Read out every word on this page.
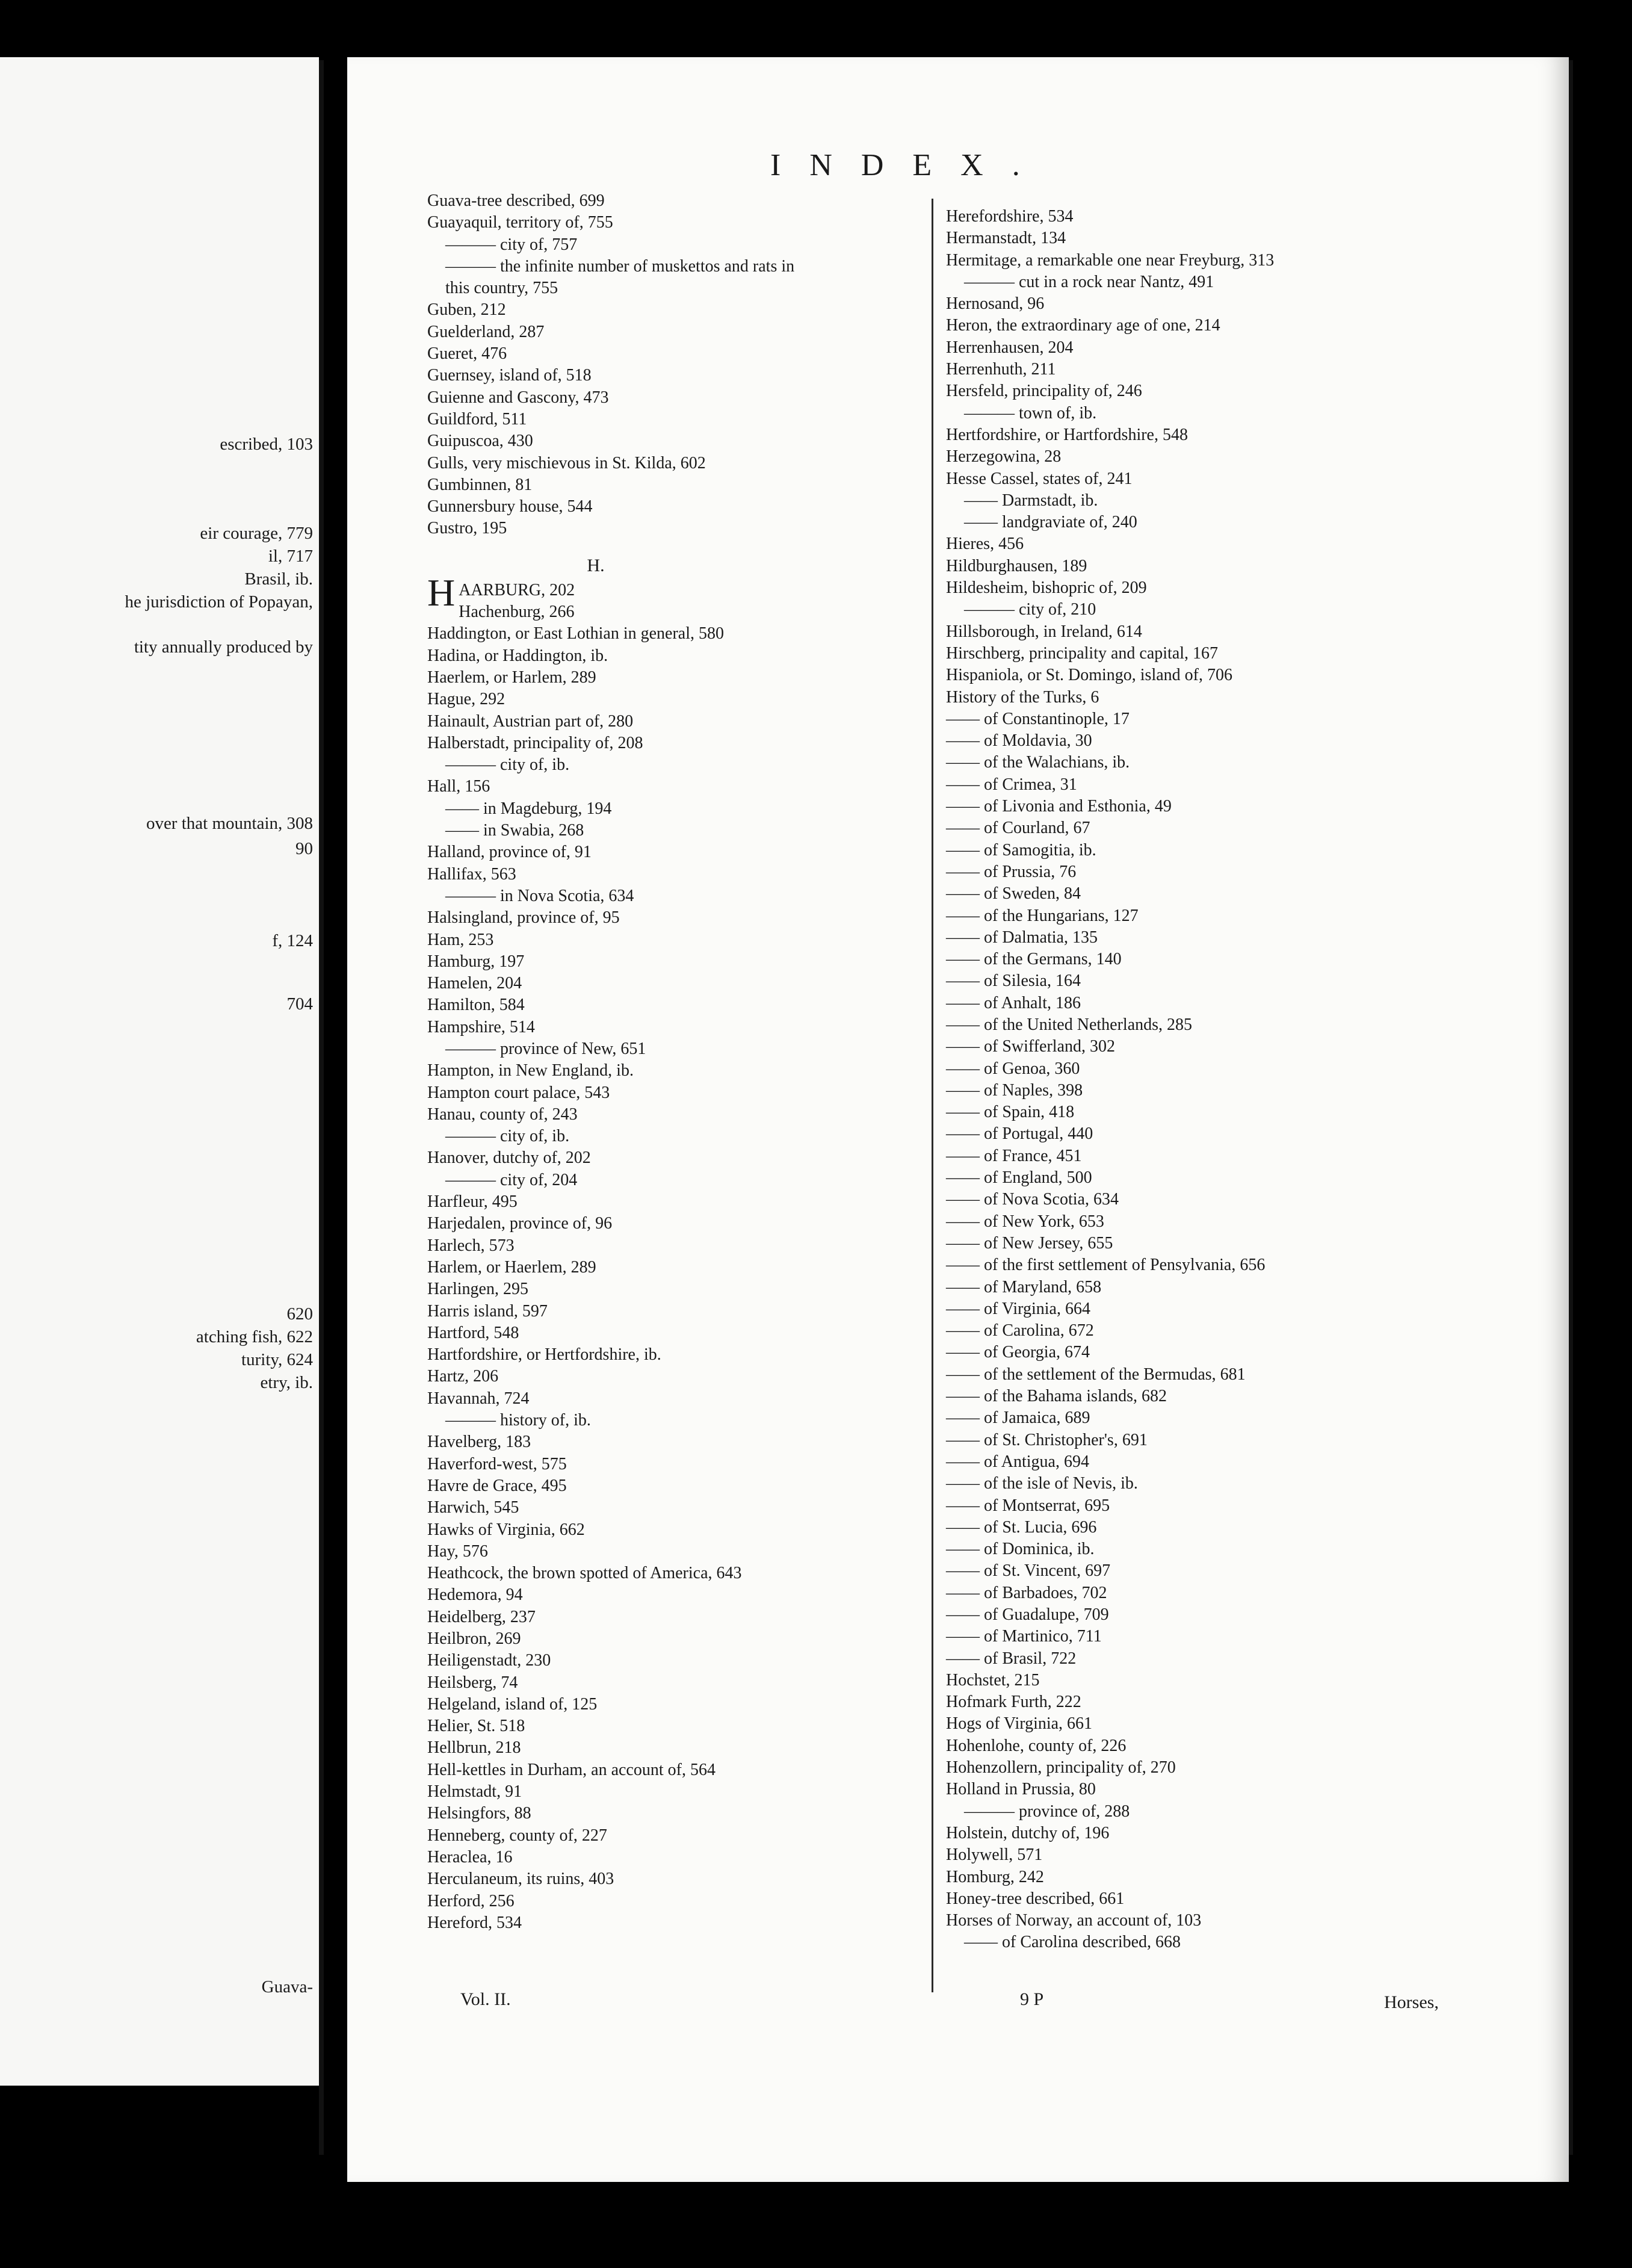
escribed, 103
eir courage, 779
il, 717
Brasil, ib.
he jurisdiction of Popayan,
tity annually produced by
over that mountain, 308
90
f, 124
704
620
atching fish, 622
turity, 624
etry, ib.
Guava-
INDEX.
Guava-tree described, 699
Guayaquil, territory of, 755
——— city of, 757
——— the infinite number of muskettos and rats in
this country, 755
Guben, 212
Guelderland, 287
Gueret, 476
Guernsey, island of, 518
Guienne and Gascony, 473
Guildford, 511
Guipuscoa, 430
Gulls, very mischievous in St. Kilda, 602
Gumbinnen, 81
Gunnersbury house, 544
Gustro, 195
H.
HAARBURG, 202
Hachenburg, 266
Haddington, or East Lothian in general, 580
Hadina, or Haddington, ib.
Haerlem, or Harlem, 289
Hague, 292
Hainault, Austrian part of, 280
Halberstadt, principality of, 208
——— city of, ib.
Hall, 156
—— in Magdeburg, 194
—— in Swabia, 268
Halland, province of, 91
Hallifax, 563
——— in Nova Scotia, 634
Halsingland, province of, 95
Ham, 253
Hamburg, 197
Hamelen, 204
Hamilton, 584
Hampshire, 514
——— province of New, 651
Hampton, in New England, ib.
Hampton court palace, 543
Hanau, county of, 243
——— city of, ib.
Hanover, dutchy of, 202
——— city of, 204
Harfleur, 495
Harjedalen, province of, 96
Harlech, 573
Harlem, or Haerlem, 289
Harlingen, 295
Harris island, 597
Hartford, 548
Hartfordshire, or Hertfordshire, ib.
Hartz, 206
Havannah, 724
——— history of, ib.
Havelberg, 183
Haverford-west, 575
Havre de Grace, 495
Harwich, 545
Hawks of Virginia, 662
Hay, 576
Heathcock, the brown spotted of America, 643
Hedemora, 94
Heidelberg, 237
Heilbron, 269
Heiligenstadt, 230
Heilsberg, 74
Helgeland, island of, 125
Helier, St. 518
Hellbrun, 218
Hell-kettles in Durham, an account of, 564
Helmstadt, 91
Helsingfors, 88
Henneberg, county of, 227
Heraclea, 16
Herculaneum, its ruins, 403
Herford, 256
Hereford, 534
Herefordshire, 534
Hermanstadt, 134
Hermitage, a remarkable one near Freyburg, 313
——— cut in a rock near Nantz, 491
Hernosand, 96
Heron, the extraordinary age of one, 214
Herrenhausen, 204
Herrenhuth, 211
Hersfeld, principality of, 246
——— town of, ib.
Hertfordshire, or Hartfordshire, 548
Herzegowina, 28
Hesse Cassel, states of, 241
—— Darmstadt, ib.
—— landgraviate of, 240
Hieres, 456
Hildburghausen, 189
Hildesheim, bishopric of, 209
——— city of, 210
Hillsborough, in Ireland, 614
Hirschberg, principality and capital, 167
Hispaniola, or St. Domingo, island of, 706
History of the Turks, 6
—— of Constantinople, 17
—— of Moldavia, 30
—— of the Walachians, ib.
—— of Crimea, 31
—— of Livonia and Esthonia, 49
—— of Courland, 67
—— of Samogitia, ib.
—— of Prussia, 76
—— of Sweden, 84
—— of the Hungarians, 127
—— of Dalmatia, 135
—— of the Germans, 140
—— of Silesia, 164
—— of Anhalt, 186
—— of the United Netherlands, 285
—— of Swifferland, 302
—— of Genoa, 360
—— of Naples, 398
—— of Spain, 418
—— of Portugal, 440
—— of France, 451
—— of England, 500
—— of Nova Scotia, 634
—— of New York, 653
—— of New Jersey, 655
—— of the first settlement of Pensylvania, 656
—— of Maryland, 658
—— of Virginia, 664
—— of Carolina, 672
—— of Georgia, 674
—— of the settlement of the Bermudas, 681
—— of the Bahama islands, 682
—— of Jamaica, 689
—— of St. Christopher's, 691
—— of Antigua, 694
—— of the isle of Nevis, ib.
—— of Montserrat, 695
—— of St. Lucia, 696
—— of Dominica, ib.
—— of St. Vincent, 697
—— of Barbadoes, 702
—— of Guadalupe, 709
—— of Martinico, 711
—— of Brasil, 722
Hochstet, 215
Hofmark Furth, 222
Hogs of Virginia, 661
Hohenlohe, county of, 226
Hohenzollern, principality of, 270
Holland in Prussia, 80
——— province of, 288
Holstein, dutchy of, 196
Holywell, 571
Homburg, 242
Honey-tree described, 661
Horses of Norway, an account of, 103
—— of Carolina described, 668
Vol. II.	9 P	Horses,
